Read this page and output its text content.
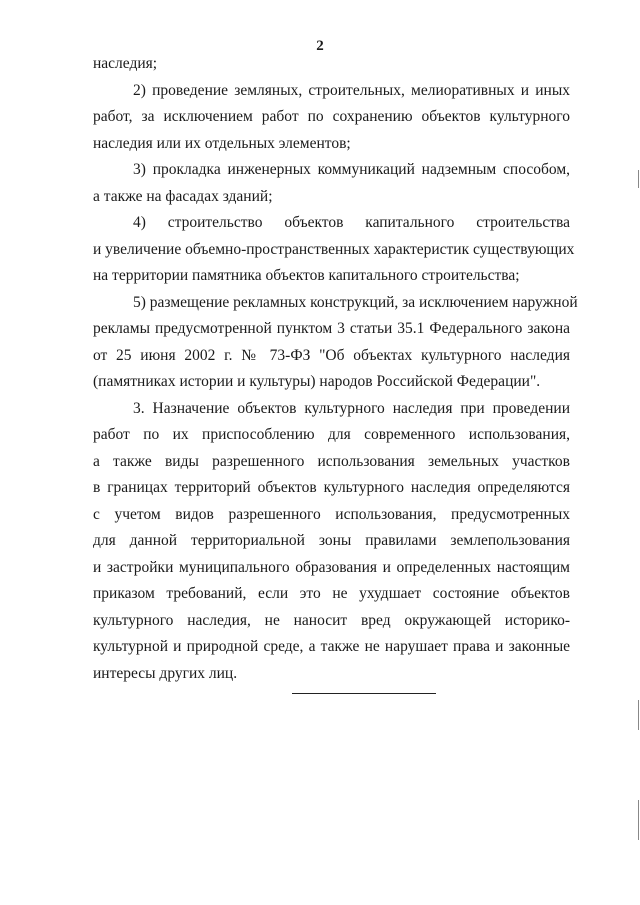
2
наследия;
2) проведение земляных, строительных, мелиоративных и иных
работ, за исключением работ по сохранению объектов культурного
наследия или их отдельных элементов;
3) прокладка инженерных коммуникаций надземным способом,
а также на фасадах зданий;
4) строительство объектов капитального строительства
и увеличение объемно-пространственных характеристик существующих
на территории памятника объектов капитального строительства;
5) размещение рекламных конструкций, за исключением наружной
рекламы предусмотренной пунктом 3 статьи 35.1 Федерального закона
от 25 июня 2002 г. № 73-ФЗ "Об объектах культурного наследия
(памятниках истории и культуры) народов Российской Федерации".
3. Назначение объектов культурного наследия при проведении
работ по их приспособлению для современного использования,
а также виды разрешенного использования земельных участков
в границах территорий объектов культурного наследия определяются
с учетом видов разрешенного использования, предусмотренных
для данной территориальной зоны правилами землепользования
и застройки муниципального образования и определенных настоящим
приказом требований, если это не ухудшает состояние объектов
культурного наследия, не наносит вред окружающей историко-
культурной и природной среде, а также не нарушает права и законные
интересы других лиц.
